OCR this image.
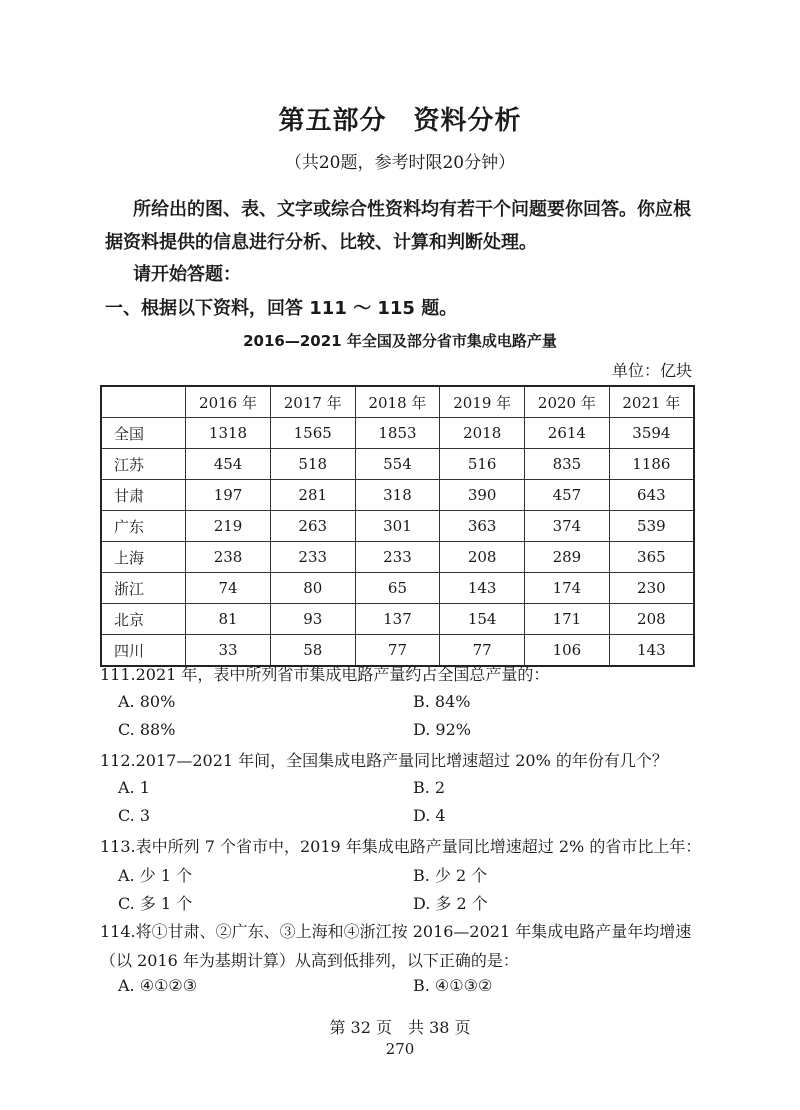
第五部分　资料分析
（共20题，参考时限20分钟）
所给出的图、表、文字或综合性资料均有若干个问题要你回答。你应根据资料提供的信息进行分析、比较、计算和判断处理。
请开始答题：
一、根据以下资料，回答 111 ～ 115 题。
2016—2021 年全国及部分省市集成电路产量
单位：亿块
	2016 年	2017 年	2018 年	2019 年	2020 年	2021 年
全国	1318	1565	1853	2018	2614	3594
江苏	454	518	554	516	835	1186
甘肃	197	281	318	390	457	643
广东	219	263	301	363	374	539
上海	238	233	233	208	289	365
浙江	74	80	65	143	174	230
北京	81	93	137	154	171	208
四川	33	58	77	77	106	143
111.2021 年，表中所列省市集成电路产量约占全国总产量的：
A. 80%	B. 84%
C. 88%	D. 92%
112.2017—2021 年间，全国集成电路产量同比增速超过 20% 的年份有几个？
A. 1	B. 2
C. 3	D. 4
113.表中所列 7 个省市中，2019 年集成电路产量同比增速超过 2% 的省市比上年：
A. 少 1 个	B. 少 2 个
C. 多 1 个	D. 多 2 个
114.将①甘肃、②广东、③上海和④浙江按 2016—2021 年集成电路产量年均增速
（以 2016 年为基期计算）从高到低排列，以下正确的是：
A. ④①②③	B. ④①③②
第 32 页　共 38 页
270
